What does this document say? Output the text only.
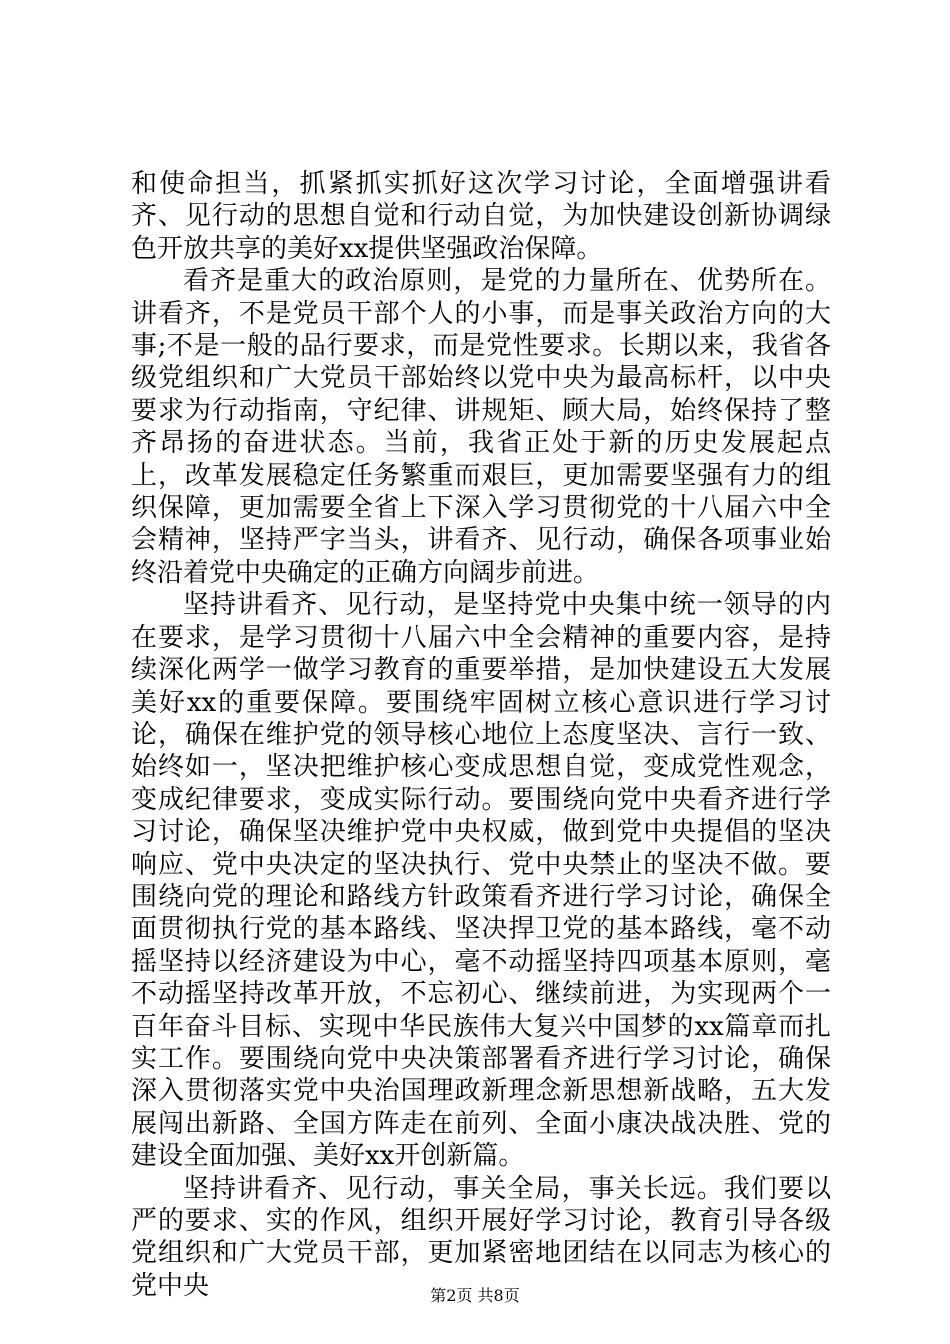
和使命担当，抓紧抓实抓好这次学习讨论，全面增强讲看齐、见行动的思想自觉和行动自觉，为加快建设创新协调绿色开放共享的美好xx提供坚强政治保障。

看齐是重大的政治原则，是党的力量所在、优势所在。讲看齐，不是党员干部个人的小事，而是事关政治方向的大事;不是一般的品行要求，而是党性要求。长期以来，我省各级党组织和广大党员干部始终以党中央为最高标杆，以中央要求为行动指南，守纪律、讲规矩、顾大局，始终保持了整齐昂扬的奋进状态。当前，我省正处于新的历史发展起点上，改革发展稳定任务繁重而艰巨，更加需要坚强有力的组织保障，更加需要全省上下深入学习贯彻党的十八届六中全会精神，坚持严字当头，讲看齐、见行动，确保各项事业始终沿着党中央确定的正确方向阔步前进。

坚持讲看齐、见行动，是坚持党中央集中统一领导的内在要求，是学习贯彻十八届六中全会精神的重要内容，是持续深化两学一做学习教育的重要举措，是加快建设五大发展美好xx的重要保障。要围绕牢固树立核心意识进行学习讨论，确保在维护党的领导核心地位上态度坚决、言行一致、始终如一，坚决把维护核心变成思想自觉，变成党性观念，变成纪律要求，变成实际行动。要围绕向党中央看齐进行学习讨论，确保坚决维护党中央权威，做到党中央提倡的坚决响应、党中央决定的坚决执行、党中央禁止的坚决不做。要围绕向党的理论和路线方针政策看齐进行学习讨论，确保全面贯彻执行党的基本路线、坚决捍卫党的基本路线，毫不动摇坚持以经济建设为中心，毫不动摇坚持四项基本原则，毫不动摇坚持改革开放，不忘初心、继续前进，为实现两个一百年奋斗目标、实现中华民族伟大复兴中国梦的xx篇章而扎实工作。要围绕向党中央决策部署看齐进行学习讨论，确保深入贯彻落实党中央治国理政新理念新思想新战略，五大发展闯出新路、全国方阵走在前列、全面小康决战决胜、党的建设全面加强、美好xx开创新篇。

坚持讲看齐、见行动，事关全局，事关长远。我们要以严的要求、实的作风，组织开展好学习讨论，教育引导各级党组织和广大党员干部，更加紧密地团结在以同志为核心的党中央	第2页 共8页
